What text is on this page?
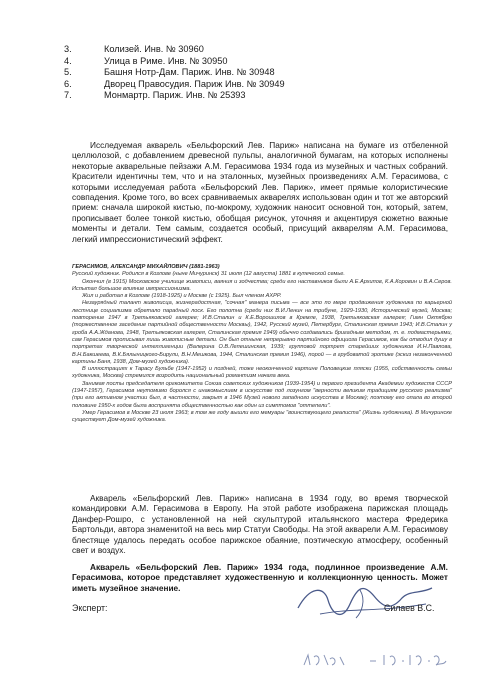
3.	Колизей. Инв. № 30960
4.	Улица в Риме. Инв. № 30950
5.	Башня Нотр-Дам. Париж. Инв. № 30948
6.	Дворец Правосудия. Париж Инв. № 30949
7.	Монмартр. Париж. Инв. № 25393

Исследуемая акварель «Бельфорский Лев. Париж» написана на бумаге из отбеленной целлюлозой, с добавлением древесной пульпы, аналогичной бумагам, на которых исполнены некоторые акварельные пейзажи А.М. Герасимова 1934 года из музейных и частных собраний. Красители идентичны тем, что и на эталонных, музейных произведениях А.М. Герасимова, с которыми исследуемая работа «Бельфорский Лев. Париж», имеет прямые колористические совпадения. Кроме того, во всех сравниваемых акварелях использован один и тот же авторский прием: сначала широкой кистью, по-мокрому, художник наносит основной тон, который, затем, прописывает более тонкой кистью, обобщая рисунок, уточняя и акцентируя сюжетно важные моменты и детали. Тем самым, создается особый, присущий акварелям А.М. Герасимова, легкий импрессионистический эффект.

ГЕРАСИМОВ, АЛЕКСАНДР МИХАЙЛОВИЧ (1881-1963)

Русский художник. Родился в Козлове (ныне Мичуринск) 31 июля (12 августа) 1881 в купеческой семье.

Окончил (в 1915) Московское училище живописи, ваяния и зодчества; среди его наставников были А.Е.Архипов, К.А.Коровин и В.А.Серов. Испытал большое влияние импрессионизма.

Жил и работал в Козлове (1918-1925) и Москве (с 1925). Был членом АХРР.

Незаурядный талант живописца, жизнерадостная, "сочная" манера письма — все это по мере продвижения художника по карьерной лестнице социализма обретало парадный лоск. Его полотна (среди них В.И.Ленин на трибуне, 1929-1930, Исторический музей, Москва; повторение 1947 в Третьяковской галерее; И.В.Сталин и К.Е.Ворошилов в Кремле, 1938, Третьяковская галерея; Гимн Октябрю (торжественное заседание партийной общественности Москвы), 1942, Русский музей, Петербург, Сталинская премия 1943; И.В.Сталин у гроба А.А.Жданова, 1948, Третьяковская галерея, Сталинская премия 1949) обычно создавались бригадным методом, т. е. подмастерьями, сам Герасимов прописывал лишь живописные детали. Он был отныне непрерывно партийного официоза Герасимов, как бы отводил душу в портретах творческой интеллигенции (Валерина О.В.Лепешинская, 1939; групповой портрет старейших художников И.Н.Павлова, В.Н.Бакшеева, В.К.Бялыницкого-Бирули, В.Н.Мешкова, 1944, Сталинская премия 1946), порой — в грубоватой эротике (эскиз незаконченной картины Баня, 1938, Дом-музей художника).

В иллюстрациях к Тарасу Бульбе (1947-1952) и поздней, тоже неоконченной картине Половецкие пляски (1955, собственность семьи художника, Москва) стремился возродить национальный романтизм начала века.

Занимая посты председателя оргкомитета Союза советских художников (1939-1954) и первого президента Академии художеств СССР (1947-1957), Герасимов неутомимо боролся с инакомыслием в искусстве под лозунгом "верности великим традициям русского реализма" (при его активном участии был, в частности, закрыт в 1946 Музей нового западного искусства в Москве); поэтому его опала во второй половине 1950-х годов была воспринята общественностью как один из симптомов "оттепели".

Умер Герасимов в Москве 23 июля 1963; в том же году вышли его мемуары "воинствующего реалиста" (Жизнь художника). В Мичуринске существует Дом-музей художника.

Акварель «Бельфорский Лев. Париж» написана в 1934 году, во время творческой командировки А.М. Герасимова в Европу. На этой работе изображена парижская площадь Данфер-Рошро, с установленной на ней скульптурой итальянского мастера Фредерика Бартольди, автора знаменитой на весь мир Статуи Свободы. На этой акварели А.М. Герасимову блестяще удалось передать особое парижское обаяние, поэтическую атмосферу, особенный свет и воздух.

Акварель «Бельфорский Лев. Париж» 1934 года, подлинное произведение А.М. Герасимова, которое представляет художественную и коллекционную ценность. Может иметь музейное значение.

Эксперт:	Силаев В.С.
